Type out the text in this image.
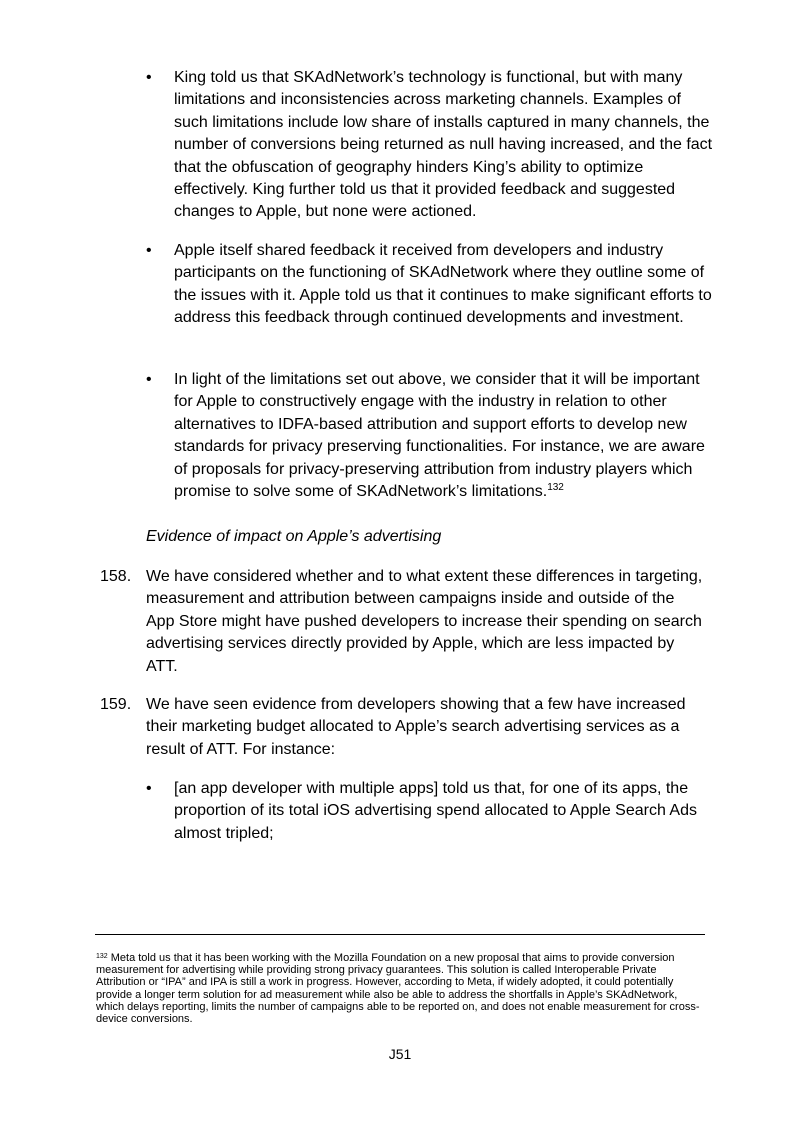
• King told us that SKAdNetwork’s technology is functional, but with many limitations and inconsistencies across marketing channels. Examples of such limitations include low share of installs captured in many channels, the number of conversions being returned as null having increased, and the fact that the obfuscation of geography hinders King’s ability to optimize effectively. King further told us that it provided feedback and suggested changes to Apple, but none were actioned.
• Apple itself shared feedback it received from developers and industry participants on the functioning of SKAdNetwork where they outline some of the issues with it. Apple told us that it continues to make significant efforts to address this feedback through continued developments and investment.
• In light of the limitations set out above, we consider that it will be important for Apple to constructively engage with the industry in relation to other alternatives to IDFA-based attribution and support efforts to develop new standards for privacy preserving functionalities. For instance, we are aware of proposals for privacy-preserving attribution from industry players which promise to solve some of SKAdNetwork’s limitations.$^{132}$
Evidence of impact on Apple’s advertising
158. We have considered whether and to what extent these differences in targeting, measurement and attribution between campaigns inside and outside of the App Store might have pushed developers to increase their spending on search advertising services directly provided by Apple, which are less impacted by ATT.
159. We have seen evidence from developers showing that a few have increased their marketing budget allocated to Apple’s search advertising services as a result of ATT. For instance:
• [an app developer with multiple apps] told us that, for one of its apps, the proportion of its total iOS advertising spend allocated to Apple Search Ads almost tripled;
$^{132}$ Meta told us that it has been working with the Mozilla Foundation on a new proposal that aims to provide conversion measurement for advertising while providing strong privacy guarantees. This solution is called Interoperable Private Attribution or “IPA” and IPA is still a work in progress. However, according to Meta, if widely adopted, it could potentially provide a longer term solution for ad measurement while also be able to address the shortfalls in Apple’s SKAdNetwork, which delays reporting, limits the number of campaigns able to be reported on, and does not enable measurement for cross-device conversions.
J51
